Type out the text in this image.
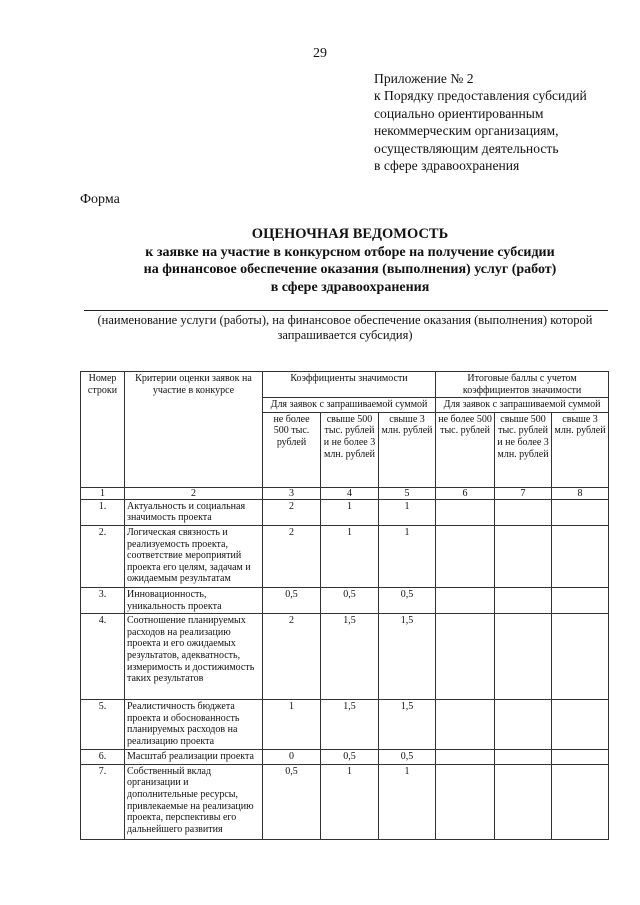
29
Приложение № 2
к Порядку предоставления субсидий
социально ориентированным
некоммерческим организациям,
осуществляющим деятельность
в сфере здравоохранения
Форма
ОЦЕНОЧНАЯ ВЕДОМОСТЬ
к заявке на участие в конкурсном отборе на получение субсидии
на финансовое обеспечение оказания (выполнения) услуг (работ)
в сфере здравоохранения
(наименование услуги (работы), на финансовое обеспечение оказания (выполнения) которой запрашивается субсидия)
Номер строки	Критерии оценки заявок на участие в конкурсе	Коэффициенты значимости			Итоговые баллы с учетом коэффициентов значимости		
		Для заявок с запрашиваемой суммой			Для заявок с запрашиваемой суммой		
		не более 500 тыс. рублей	свыше 500 тыс. рублей и не более 3 млн. рублей	свыше 3 млн. рублей	не более 500 тыс. рублей	свыше 500 тыс. рублей и не более 3 млн. рублей	свыше 3 млн. рублей
1	2	3	4	5	6	7	8
1.	Актуальность и социальная значимость проекта	2	1	1			
2.	Логическая связность и реализуемость проекта, соответствие мероприятий проекта его целям, задачам и ожидаемым результатам	2	1	1			
3.	Инновационность, уникальность проекта	0,5	0,5	0,5			
4.	Соотношение планируемых расходов на реализацию проекта и его ожидаемых результатов, адекватность, измеримость и достижимость таких результатов	2	1,5	1,5			
5.	Реалистичность бюджета проекта и обоснованность планируемых расходов на реализацию проекта	1	1,5	1,5			
6.	Масштаб реализации проекта	0	0,5	0,5			
7.	Собственный вклад организации и дополнительные ресурсы, привлекаемые на реализацию проекта, перспективы его дальнейшего развития	0,5	1	1			
